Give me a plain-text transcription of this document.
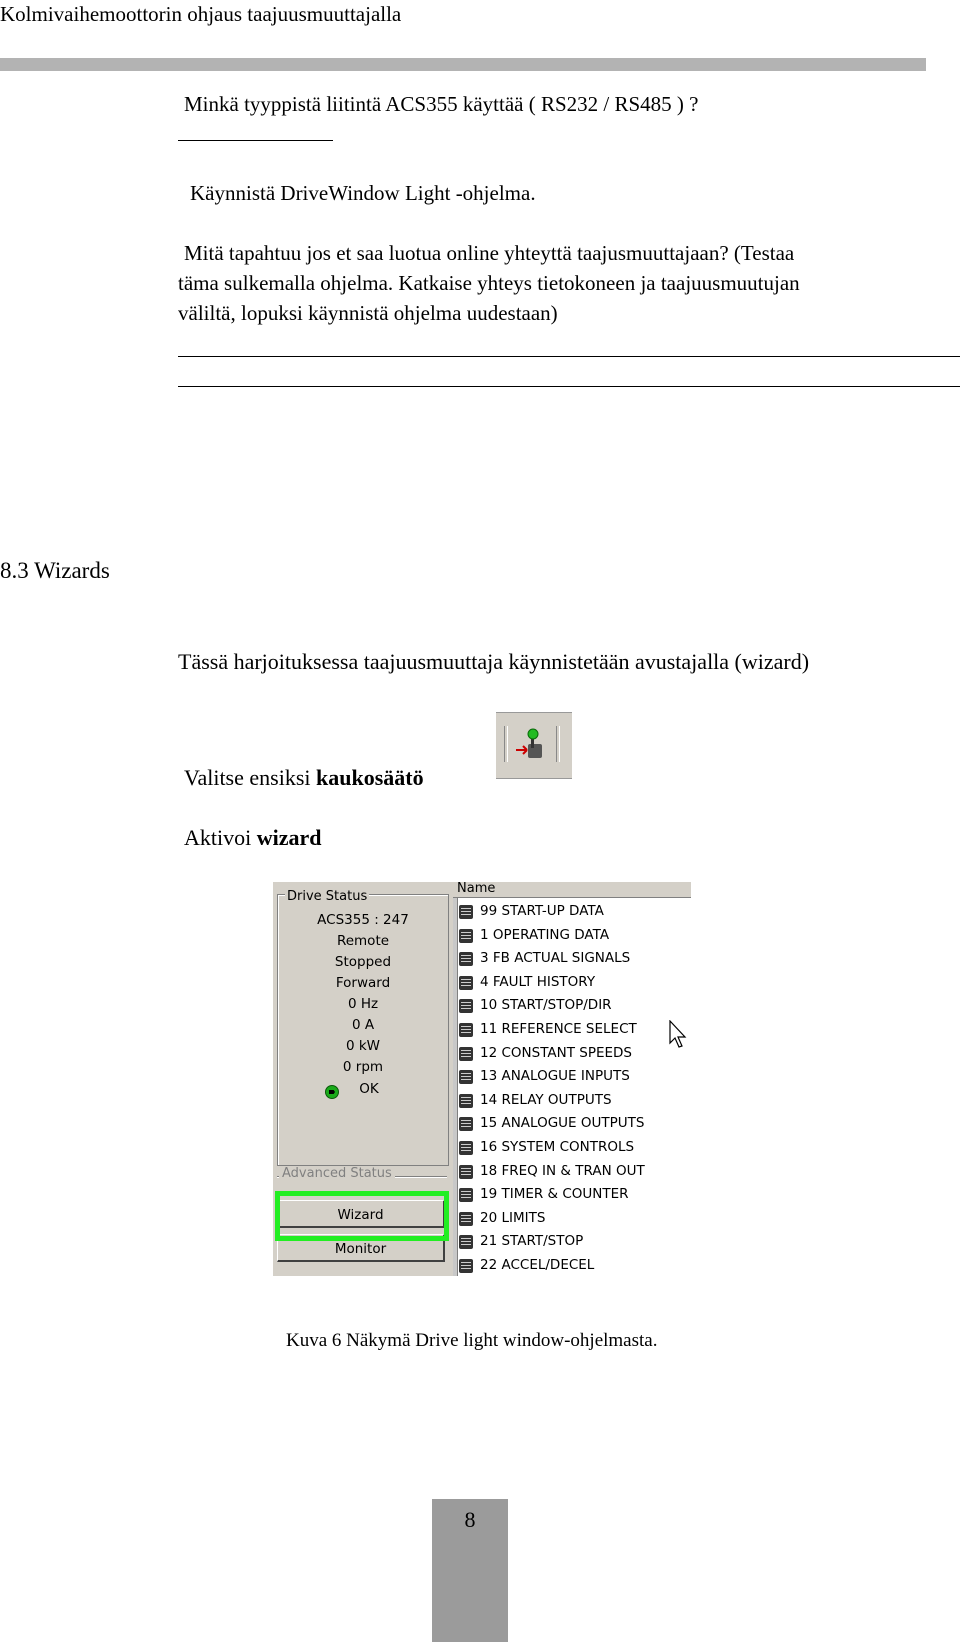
Kolmivaihemoottorin ohjaus taajuusmuuttajalla
Minkä tyyppistä liitintä ACS355 käyttää ( RS232 / RS485 ) ?
Käynnistä DriveWindow Light -ohjelma.
Mitä tapahtuu jos et saa luotua online yhteyttä taajusmuuttajaan? (Testaa
täma sulkemalla ohjelma. Katkaise yhteys tietokoneen ja taajuusmuutujan
väliltä, lopuksi käynnistä ohjelma uudestaan)
8.3 Wizards
Tässä harjoituksessa taajuusmuuttaja käynnistetään avustajalla (wizard)
Valitse ensiksi kaukosäätö
Aktivoi wizard
Drive Status
ACS355 : 247
Remote
Stopped
Forward
0 Hz
0 A
0 kW
0 rpm
OK
Advanced Status
Wizard
Monitor
Name
99 START-UP DATA
1 OPERATING DATA
3 FB ACTUAL SIGNALS
4 FAULT HISTORY
10 START/STOP/DIR
11 REFERENCE SELECT
12 CONSTANT SPEEDS
13 ANALOGUE INPUTS
14 RELAY OUTPUTS
15 ANALOGUE OUTPUTS
16 SYSTEM CONTROLS
18 FREQ IN & TRAN OUT
19 TIMER & COUNTER
20 LIMITS
21 START/STOP
22 ACCEL/DECEL
Kuva 6 Näkymä Drive light window-ohjelmasta.
8
